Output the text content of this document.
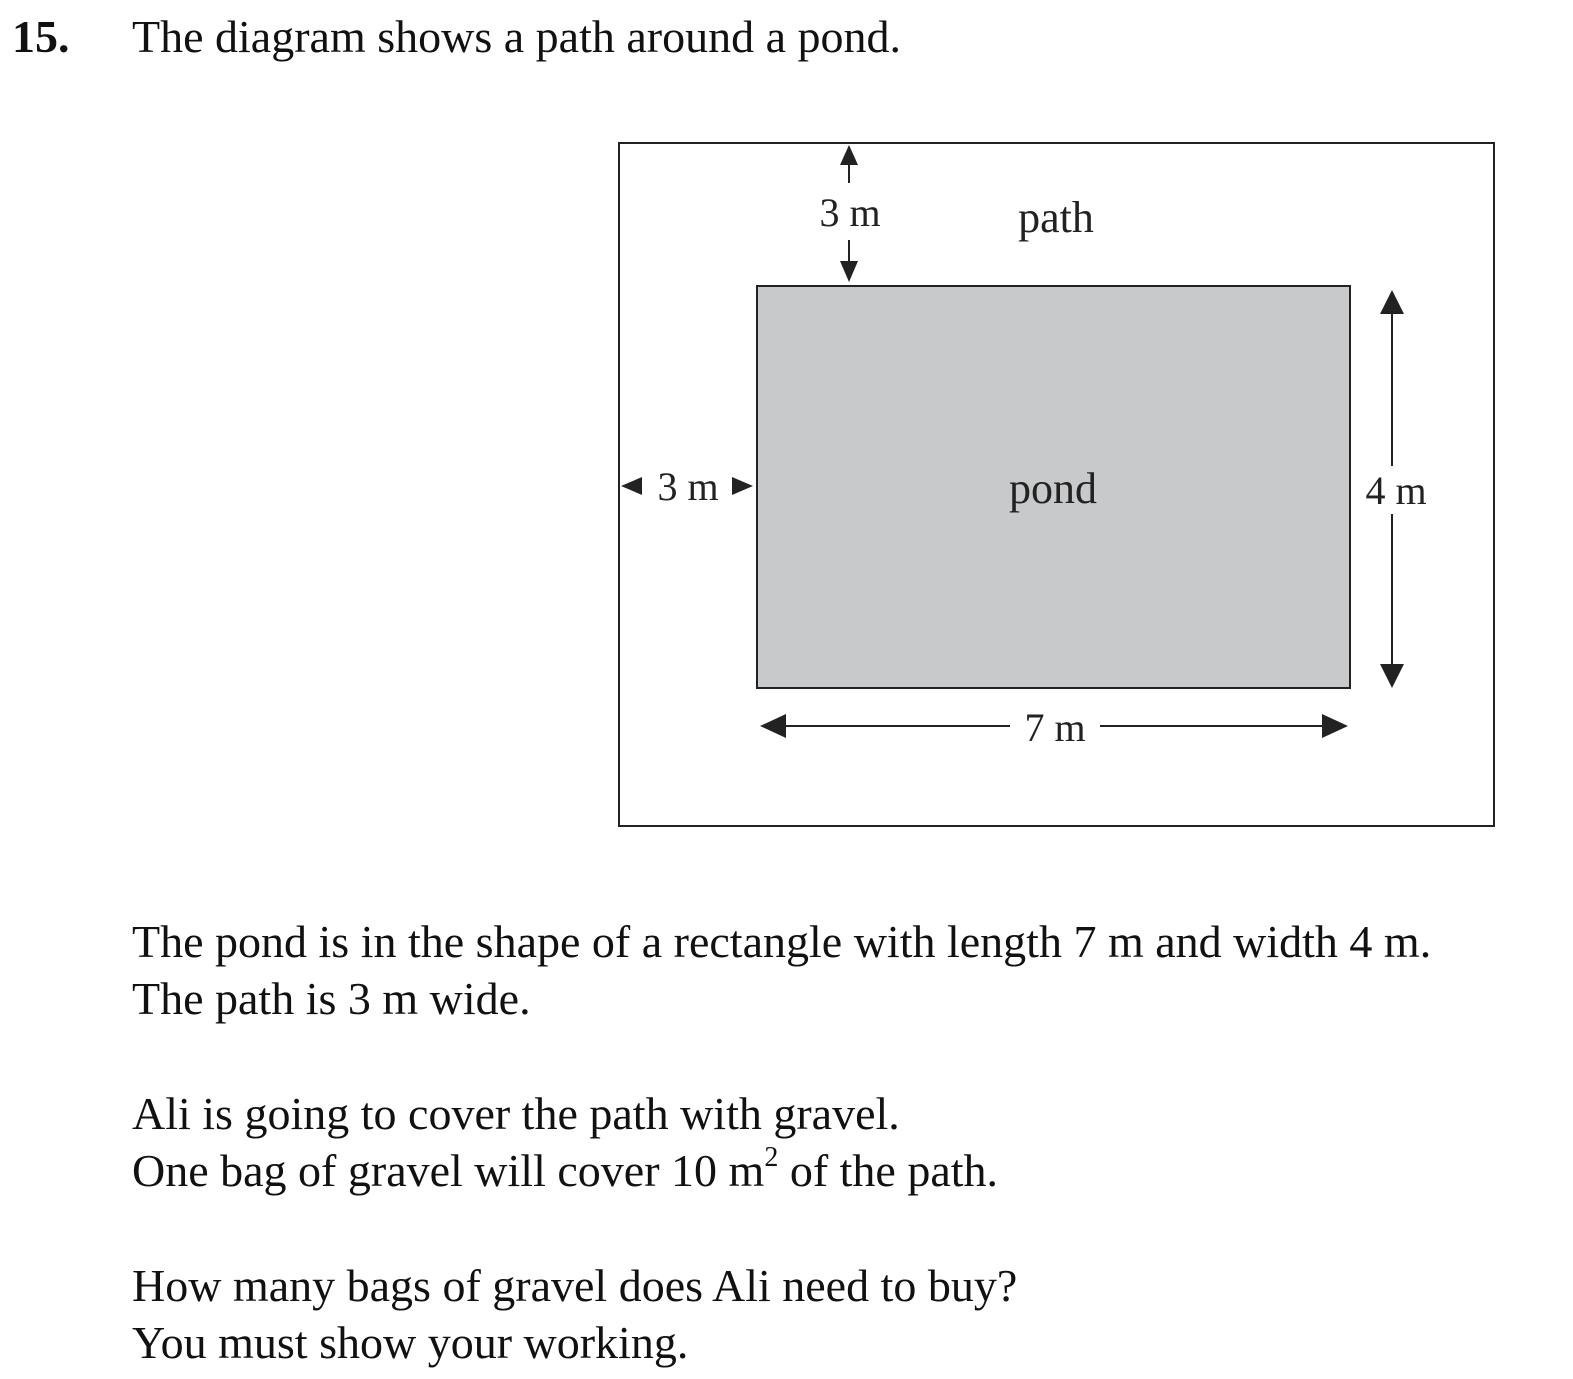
15. The diagram shows a path around a pond.
3 m	path
3 m	pond	4 m
7 m
The pond is in the shape of a rectangle with length 7 m and width 4 m.
The path is 3 m wide.
Ali is going to cover the path with gravel.
One bag of gravel will cover 10 $m^2$ of the path.
How many bags of gravel does Ali need to buy?
You must show your working.
